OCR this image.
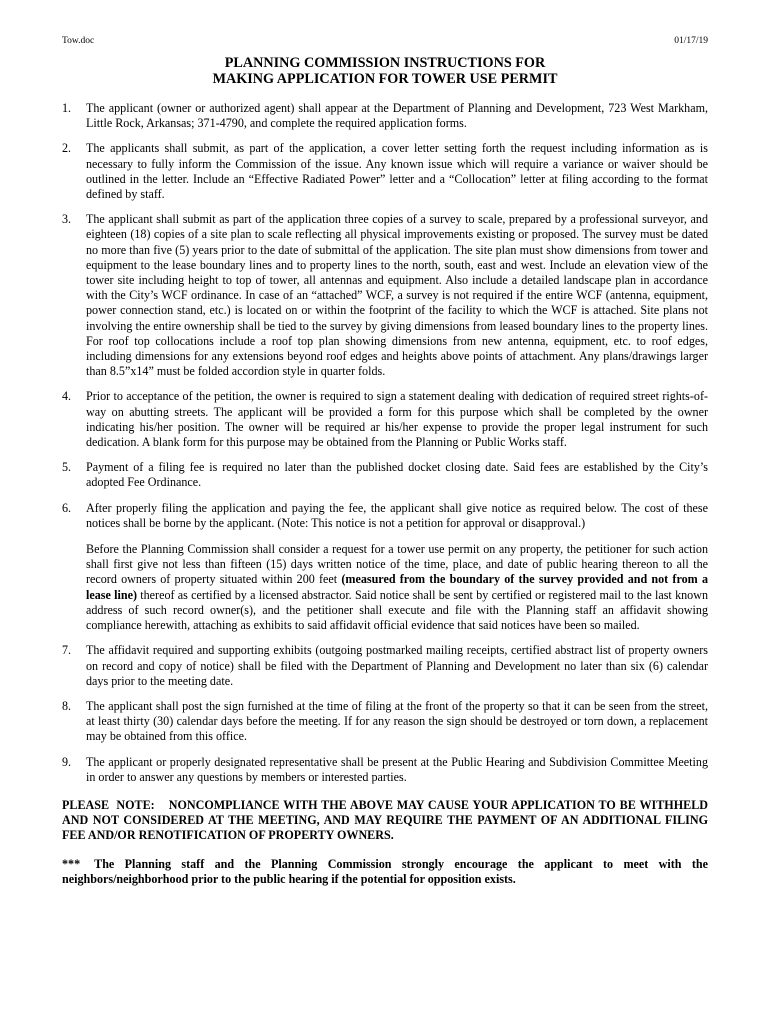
Tow.doc	01/17/19
PLANNING COMMISSION INSTRUCTIONS FOR
MAKING APPLICATION FOR TOWER USE PERMIT
1.	The applicant (owner or authorized agent) shall appear at the Department of Planning and Development, 723 West Markham, Little Rock, Arkansas; 371-4790, and complete the required application forms.
2.	The applicants shall submit, as part of the application, a cover letter setting forth the request including information as is necessary to fully inform the Commission of the issue. Any known issue which will require a variance or waiver should be outlined in the letter. Include an “Effective Radiated Power” letter and a “Collocation” letter at filing according to the format defined by staff.
3.	The applicant shall submit as part of the application three copies of a survey to scale, prepared by a professional surveyor, and eighteen (18) copies of a site plan to scale reflecting all physical improvements existing or proposed. The survey must be dated no more than five (5) years prior to the date of submittal of the application. The site plan must show dimensions from tower and equipment to the lease boundary lines and to property lines to the north, south, east and west. Include an elevation view of the tower site including height to top of tower, all antennas and equipment. Also include a detailed landscape plan in accordance with the City’s WCF ordinance. In case of an “attached” WCF, a survey is not required if the entire WCF (antenna, equipment, power connection stand, etc.) is located on or within the footprint of the facility to which the WCF is attached. Site plans not involving the entire ownership shall be tied to the survey by giving dimensions from leased boundary lines to the property lines. For roof top collocations include a roof top plan showing dimensions from new antenna, equipment, etc. to roof edges, including dimensions for any extensions beyond roof edges and heights above points of attachment. Any plans/drawings larger than 8.5”x14” must be folded accordion style in quarter folds.
4.	Prior to acceptance of the petition, the owner is required to sign a statement dealing with dedication of required street rights-of-way on abutting streets. The applicant will be provided a form for this purpose which shall be completed by the owner indicating his/her position. The owner will be required ar his/her expense to provide the proper legal instrument for such dedication. A blank form for this purpose may be obtained from the Planning or Public Works staff.
5.	Payment of a filing fee is required no later than the published docket closing date. Said fees are established by the City’s adopted Fee Ordinance.
6.	After properly filing the application and paying the fee, the applicant shall give notice as required below. The cost of these notices shall be borne by the applicant. (Note: This notice is not a petition for approval or disapproval.)
Before the Planning Commission shall consider a request for a tower use permit on any property, the petitioner for such action shall first give not less than fifteen (15) days written notice of the time, place, and date of public hearing thereon to all the record owners of property situated within 200 feet (measured from the boundary of the survey provided and not from a lease line) thereof as certified by a licensed abstractor. Said notice shall be sent by certified or registered mail to the last known address of such record owner(s), and the petitioner shall execute and file with the Planning staff an affidavit showing compliance herewith, attaching as exhibits to said affidavit official evidence that said notices have been so mailed.
7.	The affidavit required and supporting exhibits (outgoing postmarked mailing receipts, certified abstract list of property owners on record and copy of notice) shall be filed with the Department of Planning and Development no later than six (6) calendar days prior to the meeting date.
8.	The applicant shall post the sign furnished at the time of filing at the front of the property so that it can be seen from the street, at least thirty (30) calendar days before the meeting. If for any reason the sign should be destroyed or torn down, a replacement may be obtained from this office.
9.	The applicant or properly designated representative shall be present at the Public Hearing and Subdivision Committee Meeting in order to answer any questions by members or interested parties.
PLEASE NOTE: NONCOMPLIANCE WITH THE ABOVE MAY CAUSE YOUR APPLICATION TO BE WITHHELD AND NOT CONSIDERED AT THE MEETING, AND MAY REQUIRE THE PAYMENT OF AN ADDITIONAL FILING FEE AND/OR RENOTIFICATION OF PROPERTY OWNERS.
*** The Planning staff and the Planning Commission strongly encourage the applicant to meet with the neighbors/neighborhood prior to the public hearing if the potential for opposition exists.
